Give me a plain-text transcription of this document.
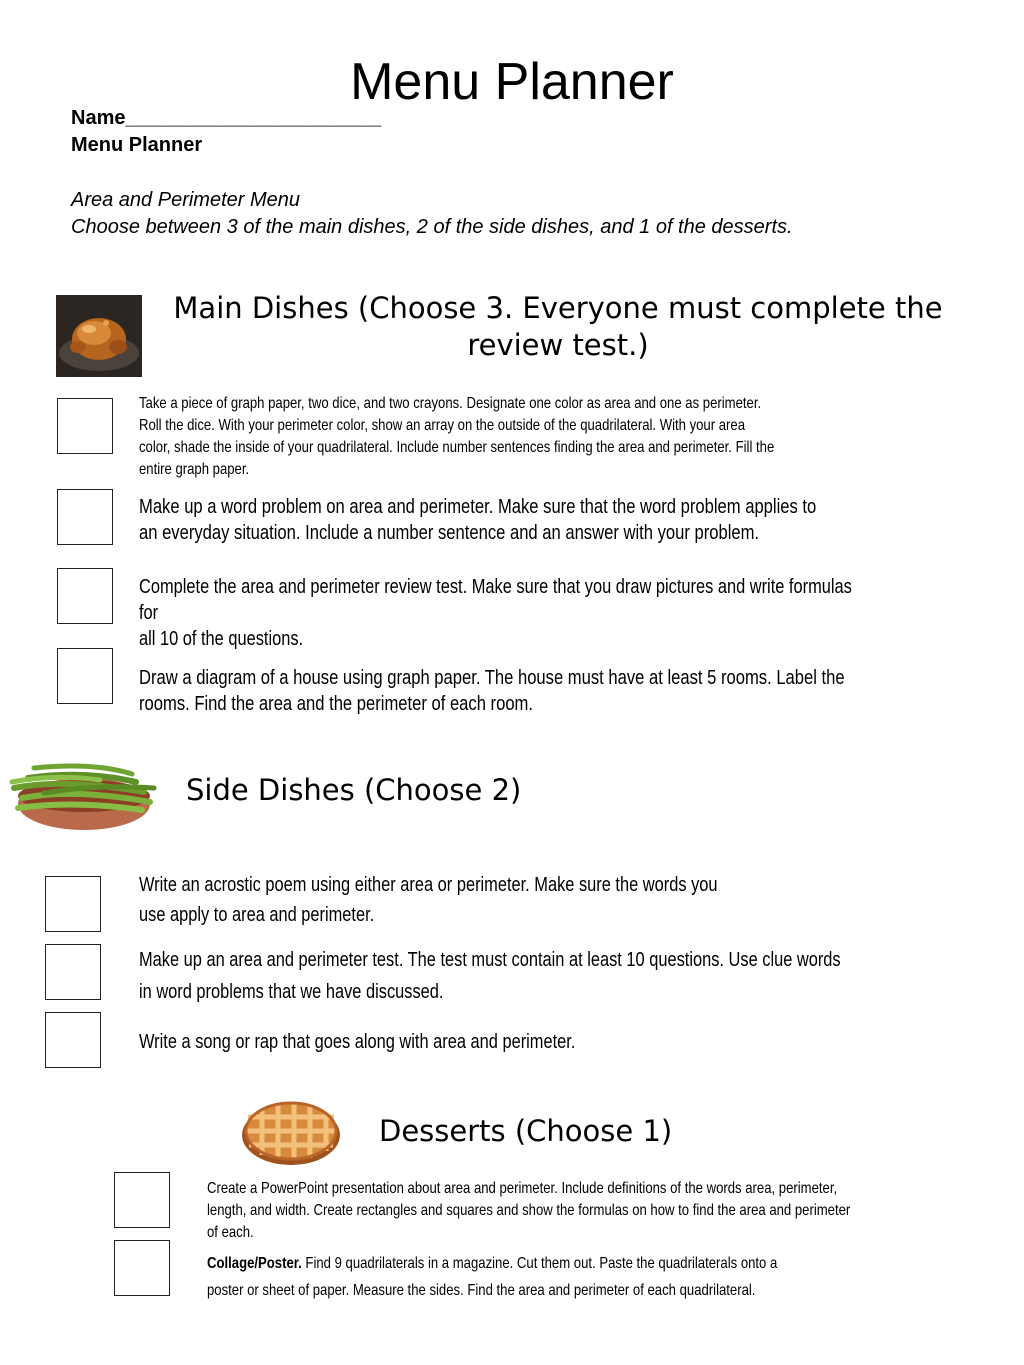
Menu Planner
Name_______________________
Menu Planner
Area and Perimeter Menu
Choose between 3 of the main dishes, 2 of the side dishes, and 1 of the desserts.
Main Dishes (Choose 3. Everyone must complete the
review test.)
Take a piece of graph paper, two dice, and two crayons. Designate one color as area and one as perimeter.
Roll the dice. With your perimeter color, show an array on the outside of the quadrilateral. With your area
color, shade the inside of your quadrilateral. Include number sentences finding the area and perimeter. Fill the
entire graph paper.
Make up a word problem on area and perimeter. Make sure that the word problem applies to
an everyday situation. Include a number sentence and an answer with your problem.
Complete the area and perimeter review test. Make sure that you draw pictures and write formulas for
all 10 of the questions.
Draw a diagram of a house using graph paper. The house must have at least 5 rooms. Label the
rooms. Find the area and the perimeter of each room.
Side Dishes (Choose 2)
Write an acrostic poem using either area or perimeter. Make sure the words you
use apply to area and perimeter.
Make up an area and perimeter test. The test must contain at least 10 questions. Use clue words
in word problems that we have discussed.
Write a song or rap that goes along with area and perimeter.
Desserts (Choose 1)
Create a PowerPoint presentation about area and perimeter. Include definitions of the words area, perimeter,
length, and width. Create rectangles and squares and show the formulas on how to find the area and perimeter
of each.
Collage/Poster. Find 9 quadrilaterals in a magazine. Cut them out. Paste the quadrilaterals onto a
poster or sheet of paper. Measure the sides. Find the area and perimeter of each quadrilateral.
